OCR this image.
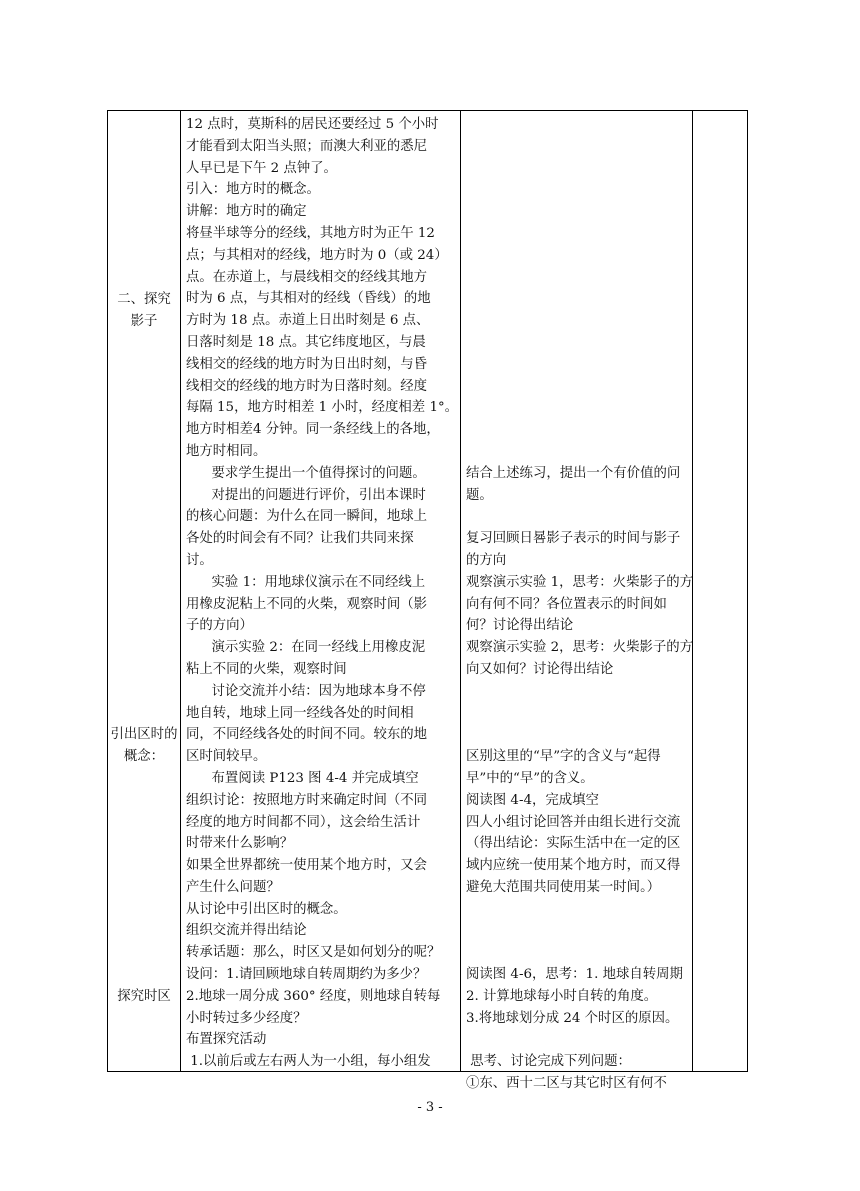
二、探究

影子

引出区时的

概念：

探究时区

12 点时，莫斯科的居民还要经过 5 个小时

才能看到太阳当头照；而澳大利亚的悉尼

人早已是下午 2 点钟了。

引入：地方时的概念。

讲解：地方时的确定

将昼半球等分的经线，其地方时为正午 12

点；与其相对的经线，地方时为 0（或 24）

点。在赤道上，与晨线相交的经线其地方

时为 6 点，与其相对的经线（昏线）的地

方时为 18 点。赤道上日出时刻是 6 点、

日落时刻是 18 点。其它纬度地区，与晨

线相交的经线的地方时为日出时刻，与昏

线相交的经线的地方时为日落时刻。经度

每隔 15，地方时相差 1 小时，经度相差 1°。

地方时相差4 分钟。同一条经线上的各地，

地方时相同。

要求学生提出一个值得探讨的问题。

对提出的问题进行评价，引出本课时

的核心问题：为什么在同一瞬间，地球上

各处的时间会有不同？让我们共同来探

讨。

实验 1：用地球仪演示在不同经线上

用橡皮泥粘上不同的火柴，观察时间（影

子的方向）

演示实验 2：在同一经线上用橡皮泥

粘上不同的火柴，观察时间

讨论交流并小结：因为地球本身不停

地自转，地球上同一经线各处的时间相

同，不同经线各处的时间不同。较东的地

区时间较早。

布置阅读 P123 图 4-4 并完成填空

组织讨论：按照地方时来确定时间（不同

经度的地方时间都不同），这会给生活计

时带来什么影响？

如果全世界都统一使用某个地方时，又会

产生什么问题？

从讨论中引出区时的概念。

组织交流并得出结论

转承话题：那么，时区又是如何划分的呢？

设问：1.请回顾地球自转周期约为多少？

2.地球一周分成 360° 经度，则地球自转每

小时转过多少经度？

布置探究活动

1.以前后或左右两人为一小组，每小组发

结合上述练习，提出一个有价值的问

题。

复习回顾日晷影子表示的时间与影子

的方向

观察演示实验 1，思考：火柴影子的方

向有何不同？各位置表示的时间如

何？讨论得出结论

观察演示实验 2，思考：火柴影子的方

向又如何？讨论得出结论

区别这里的“早”字的含义与“起得

早”中的“早”的含义。

阅读图 4-4，完成填空

四人小组讨论回答并由组长进行交流

（得出结论：实际生活中在一定的区

域内应统一使用某个地方时，而又得

避免大范围共同使用某一时间。）

阅读图 4-6，思考：1. 地球自转周期

2. 计算地球每小时自转的角度。

3.将地球划分成 24 个时区的原因。

思考、讨论完成下列问题：

①东、西十二区与其它时区有何不

- 3 -
